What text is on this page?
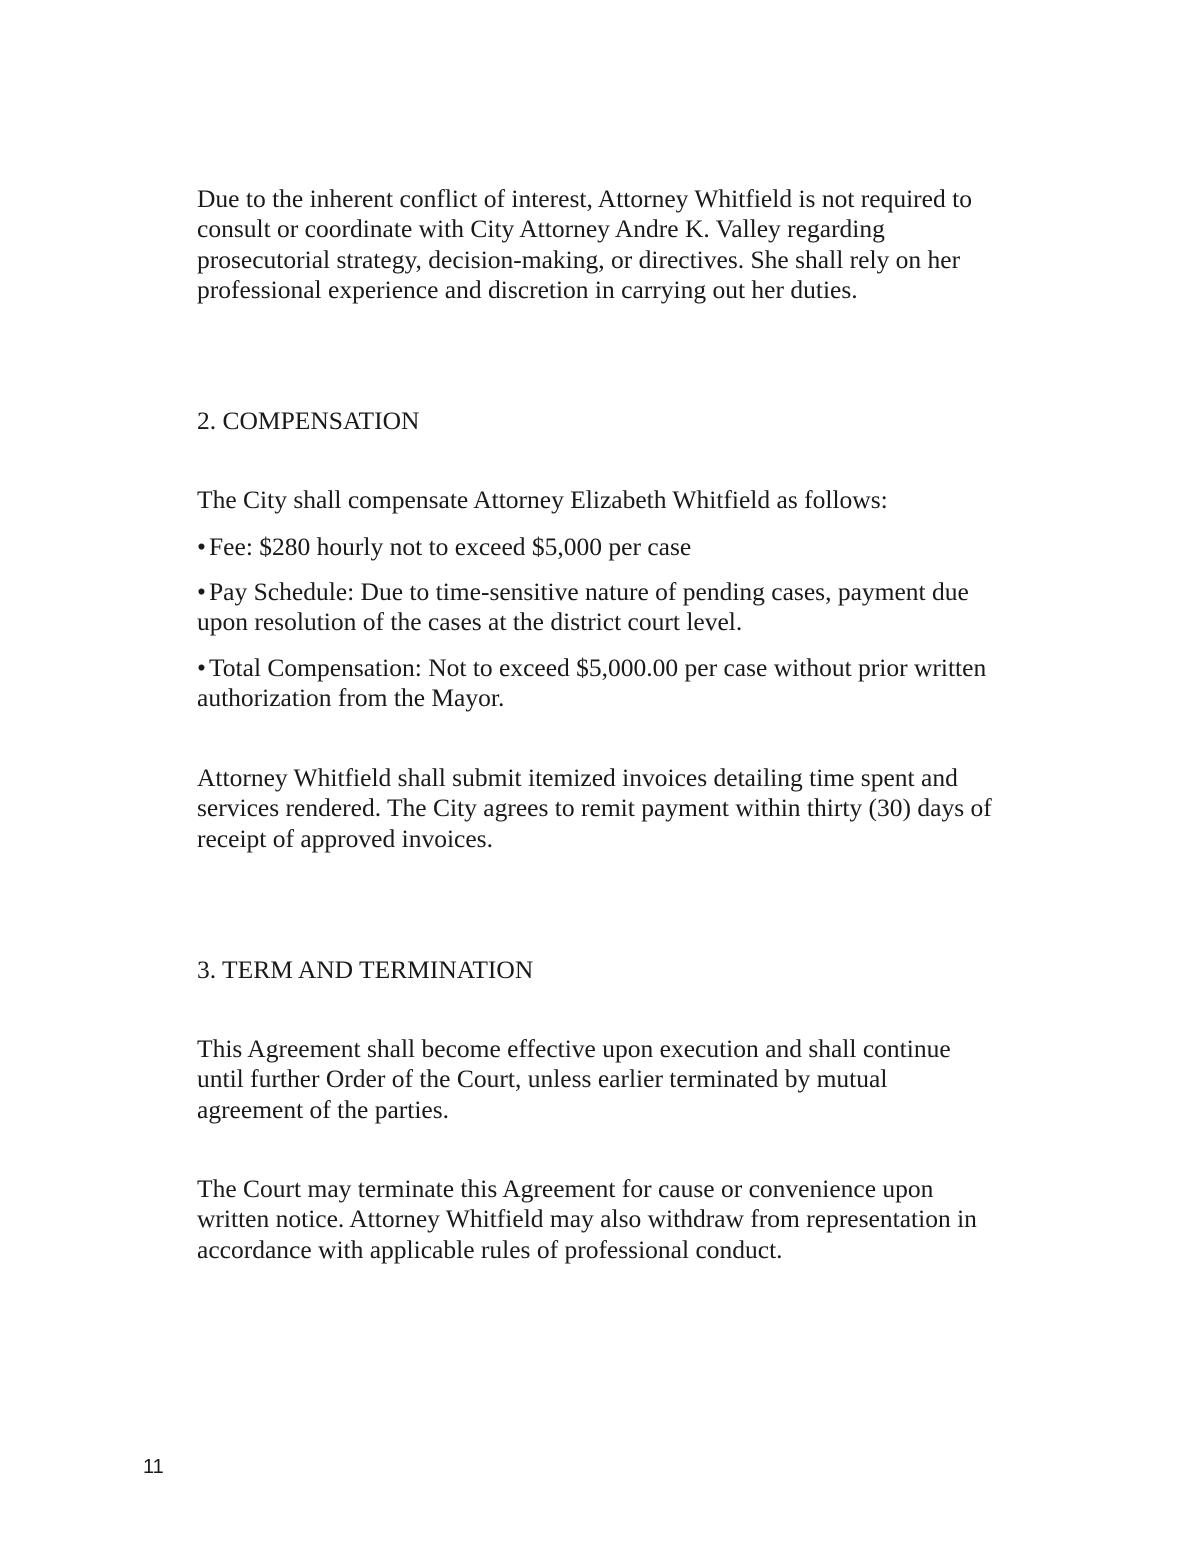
Due to the inherent conflict of interest, Attorney Whitfield is not required to consult or coordinate with City Attorney Andre K. Valley regarding prosecutorial strategy, decision-making, or directives. She shall rely on her professional experience and discretion in carrying out her duties.

2. COMPENSATION

The City shall compensate Attorney Elizabeth Whitfield as follows:

• Fee: $280 hourly not to exceed $5,000 per case
• Pay Schedule: Due to time-sensitive nature of pending cases, payment due upon resolution of the cases at the district court level.
• Total Compensation: Not to exceed $5,000.00 per case without prior written authorization from the Mayor.

Attorney Whitfield shall submit itemized invoices detailing time spent and services rendered. The City agrees to remit payment within thirty (30) days of receipt of approved invoices.

3. TERM AND TERMINATION

This Agreement shall become effective upon execution and shall continue until further Order of the Court, unless earlier terminated by mutual agreement of the parties.

The Court may terminate this Agreement for cause or convenience upon written notice. Attorney Whitfield may also withdraw from representation in accordance with applicable rules of professional conduct.

11
